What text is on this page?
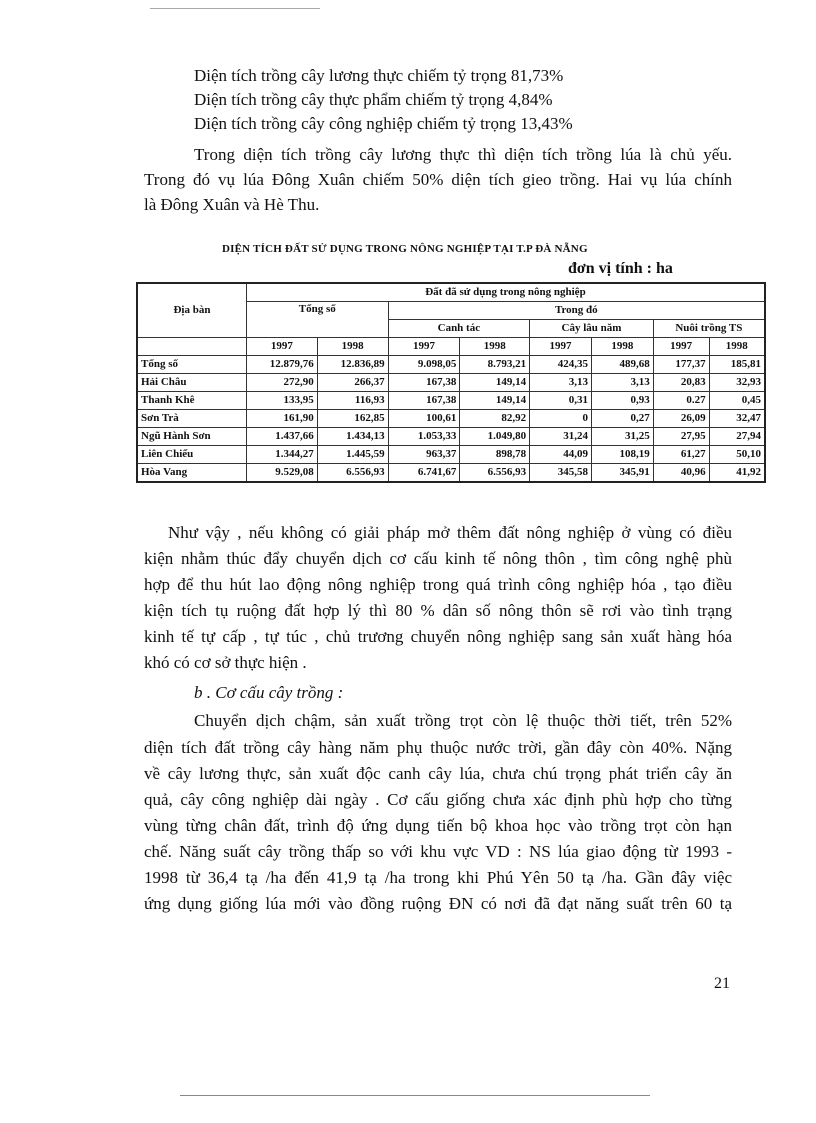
Diện tích trồng cây lương thực chiếm tỷ trọng 81,73%
Diện tích trồng cây thực phẩm chiếm tỷ trọng 4,84%
Diện tích trồng cây công nghiệp chiếm tỷ trọng 13,43%
Trong diện tích trồng cây lương thực thì diện tích trồng lúa là chủ yếu.
Trong đó vụ lúa Đông Xuân chiếm 50% diện tích gieo trồng. Hai vụ lúa chính
là Đông Xuân và Hè Thu.
DIỆN TÍCH ĐẤT SỬ DỤNG TRONG NÔNG NGHIỆP TẠI T.P ĐÀ NẴNG
đơn vị tính : ha
Địa bàn	Đất đã sử dụng trong nông nghiệp							
	Tổng số		Trong đó					
			Canh tác		Cây lâu năm		Nuôi trồng TS	
	1997	1998	1997	1998	1997	1998	1997	1998
Tổng số	12.879,76	12.836,89	9.098,05	8.793,21	424,35	489,68	177,37	185,81
Hải Châu	272,90	266,37	167,38	149,14	3,13	3,13	20,83	32,93
Thanh Khê	133,95	116,93	167,38	149,14	0,31	0,93	0.27	0,45
Sơn Trà	161,90	162,85	100,61	82,92	0	0,27	26,09	32,47
Ngũ Hành Sơn	1.437,66	1.434,13	1.053,33	1.049,80	31,24	31,25	27,95	27,94
Liên Chiểu	1.344,27	1.445,59	963,37	898,78	44,09	108,19	61,27	50,10
Hòa Vang	9.529,08	6.556,93	6.741,67	6.556,93	345,58	345,91	40,96	41,92
Như vậy , nếu không có giải pháp mở thêm đất nông nghiệp ở vùng có điều
kiện nhằm thúc đẩy chuyển dịch cơ cấu kinh tế nông thôn , tìm công nghệ phù
hợp để thu hút lao động nông nghiệp trong quá trình công nghiệp hóa , tạo điều
kiện tích tụ ruộng đất hợp lý thì 80 % dân số nông thôn sẽ rơi vào tình trạng
kinh tế tự cấp , tự túc , chủ trương chuyển nông nghiệp sang sản xuất hàng hóa
khó có cơ sở thực hiện .
b . Cơ cấu cây trồng :
Chuyển dịch chậm, sản xuất trồng trọt còn lệ thuộc thời tiết, trên 52%
diện tích đất trồng cây hàng năm phụ thuộc nước trời, gần đây còn 40%. Nặng
về cây lương thực, sản xuất độc canh cây lúa, chưa chú trọng phát triển cây ăn
quả, cây công nghiệp dài ngày . Cơ cấu giống chưa xác định phù hợp cho từng
vùng từng chân đất, trình độ ứng dụng tiến bộ khoa học vào trồng trọt còn hạn
chế. Năng suất cây trồng thấp so với khu vực VD : NS lúa giao động từ 1993 -
1998 từ 36,4 tạ /ha đến 41,9 tạ /ha trong khi Phú Yên 50 tạ /ha. Gần đây việc
ứng dụng giống lúa mới vào đồng ruộng ĐN có nơi đã đạt năng suất trên 60 tạ
21
